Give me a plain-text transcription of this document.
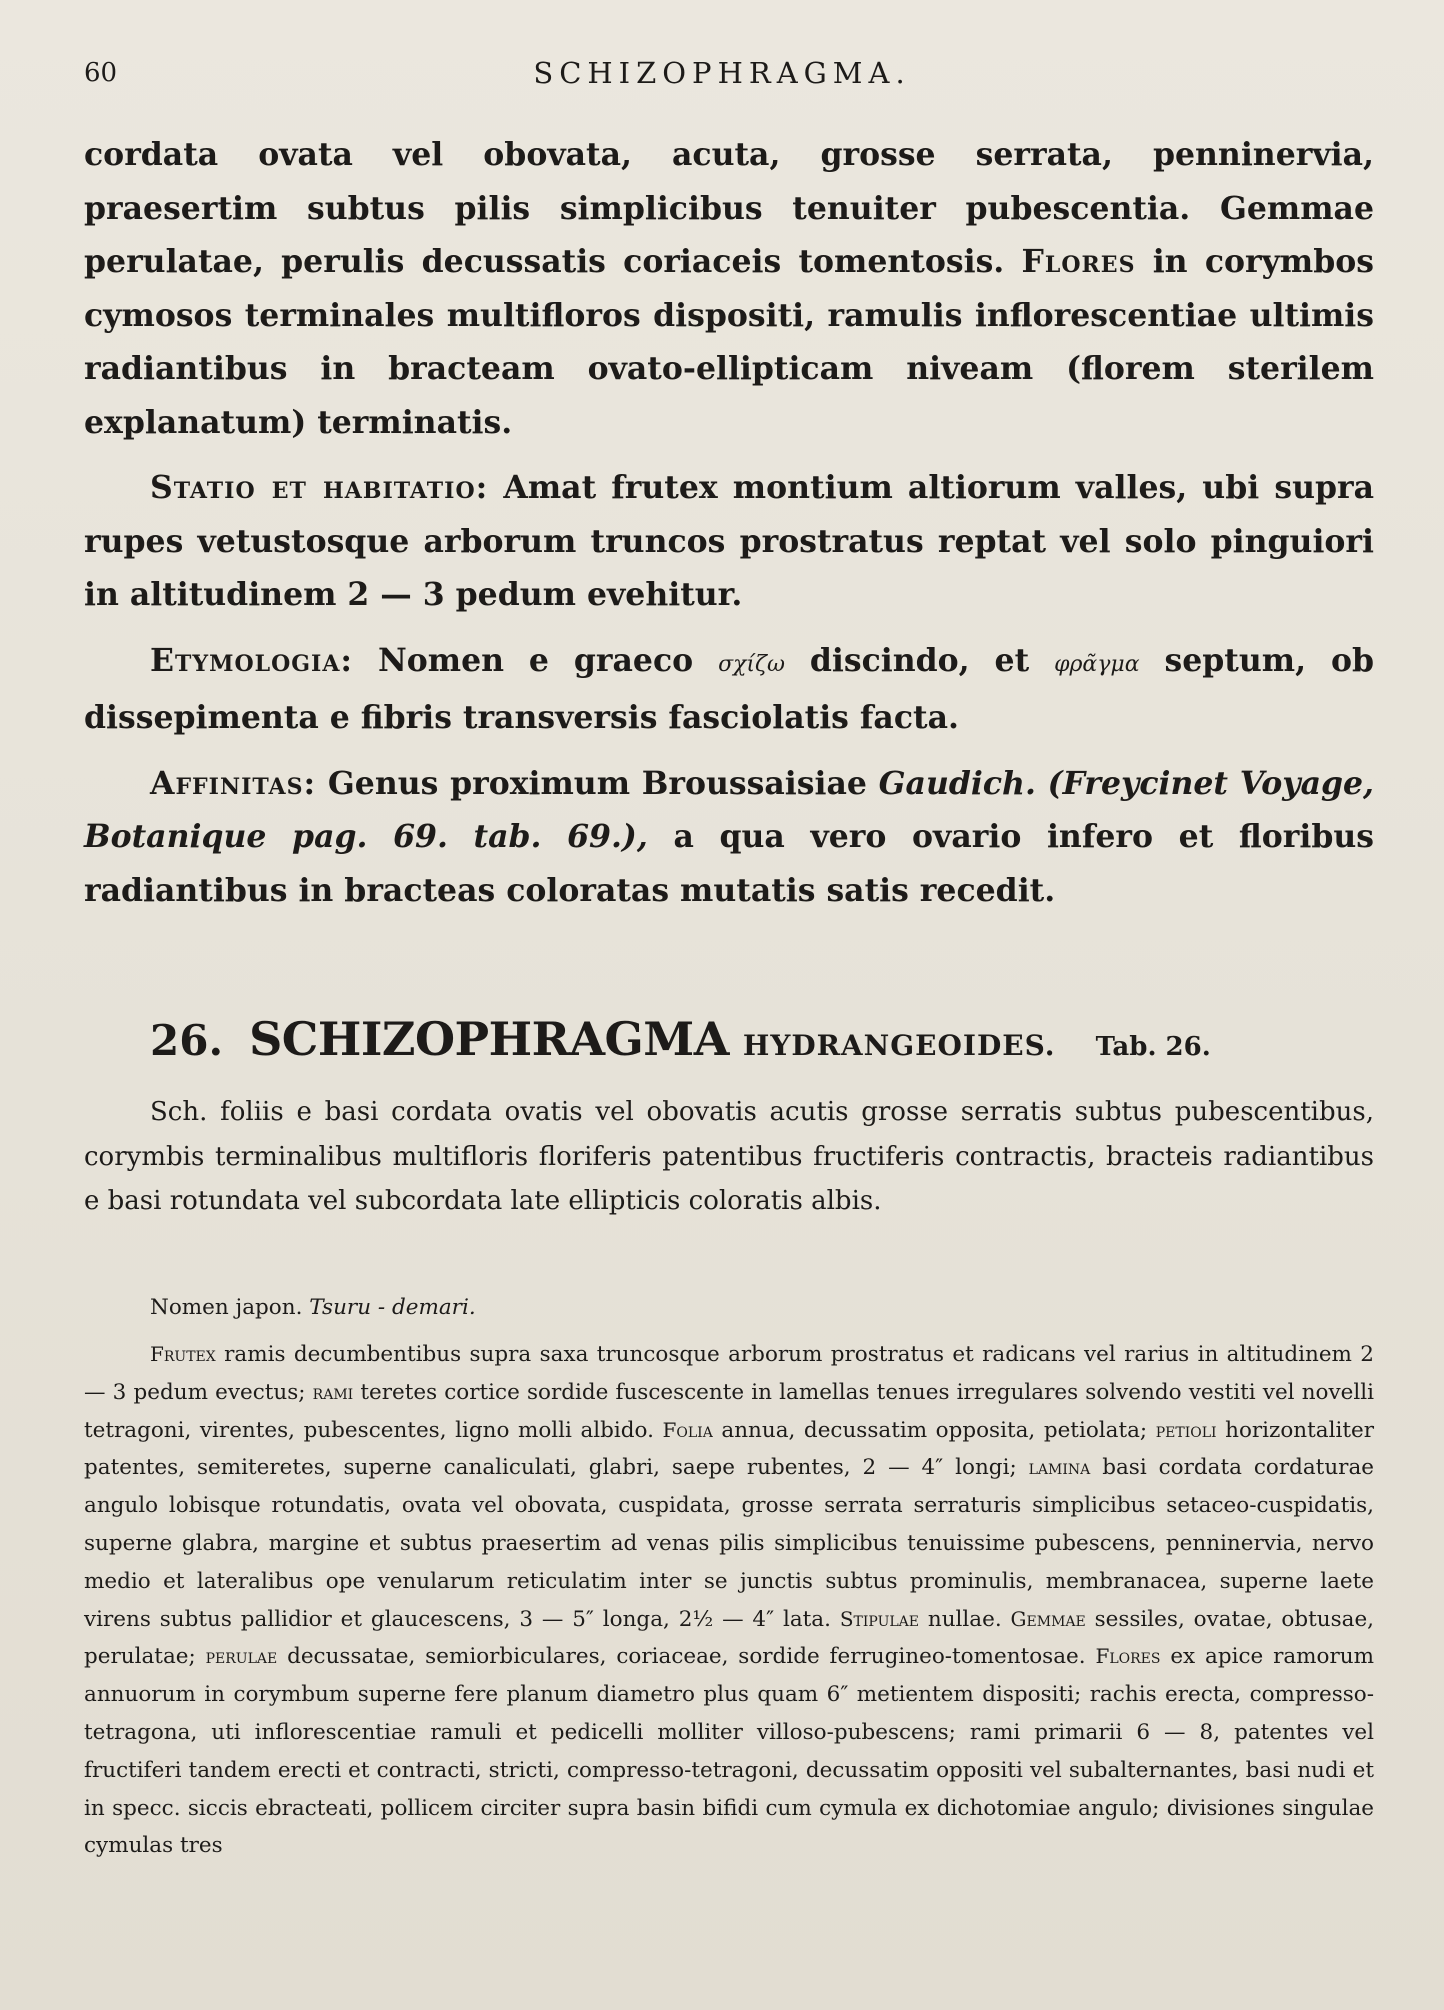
60	SCHIZOPHRAGMA.

cordata ovata vel obovata, acuta, grosse serrata, penninervia, praesertim subtus pilis simplicibus tenuiter pubescentia. Gemmae perulatae, perulis decussatis coriaceis tomentosis. Flores in corymbos cymosos terminales multifloros dispositi, ramulis inflorescentiae ultimis radiantibus in bracteam ovato-ellipticam niveam (florem sterilem explanatum) terminatis.

Statio et habitatio: Amat frutex montium altiorum valles, ubi supra rupes vetustosque arborum truncos prostratus reptat vel solo pinguiori in altitudinem 2 — 3 pedum evehitur.

Etymologia: Nomen e graeco σχίζω discindo, et φρᾶγμα septum, ob dissepimenta e fibris transversis fasciolatis facta.

Affinitas: Genus proximum Broussaisiae Gaudich. (Freycinet Voyage, Botanique pag. 69. tab. 69.), a qua vero ovario infero et floribus radiantibus in bracteas coloratas mutatis satis recedit.

26. SCHIZOPHRAGMA HYDRANGEOIDES. Tab. 26.

Sch. foliis e basi cordata ovatis vel obovatis acutis grosse serratis subtus pubescentibus, corymbis terminalibus multifloris floriferis patentibus fructiferis contractis, bracteis radiantibus e basi rotundata vel subcordata late ellipticis coloratis albis.

Nomen japon. Tsuru - demari.

Frutex ramis decumbentibus supra saxa truncosque arborum prostratus et radicans vel rarius in altitudinem 2 — 3 pedum evectus; rami teretes cortice sordide fuscescente in lamellas tenues irregulares solvendo vestiti vel novelli tetragoni, virentes, pubescentes, ligno molli albido. Folia annua, decussatim opposita, petiolata; petioli horizontaliter patentes, semiteretes, superne canaliculati, glabri, saepe rubentes, 2 — 4″ longi; lamina basi cordata cordaturae angulo lobisque rotundatis, ovata vel obovata, cuspidata, grosse serrata serraturis simplicibus setaceo-cuspidatis, superne glabra, margine et subtus praesertim ad venas pilis simplicibus tenuissime pubescens, penninervia, nervo medio et lateralibus ope venularum reticulatim inter se junctis subtus prominulis, membranacea, superne laete virens subtus pallidior et glaucescens, 3 — 5″ longa, 2½ — 4″ lata. Stipulae nullae. Gemmae sessiles, ovatae, obtusae, perulatae; perulae decussatae, semiorbiculares, coriaceae, sordide ferrugineo-tomentosae. Flores ex apice ramorum annuorum in corymbum superne fere planum diametro plus quam 6″ metientem dispositi; rachis erecta, compresso-tetragona, uti inflorescentiae ramuli et pedicelli molliter villoso-pubescens; rami primarii 6 — 8, patentes vel fructiferi tandem erecti et contracti, stricti, compresso-tetragoni, decussatim oppositi vel subalternantes, basi nudi et in specc. siccis ebracteati, pollicem circiter supra basin bifidi cum cymula ex dichotomiae angulo; divisiones singulae cymulas tres
